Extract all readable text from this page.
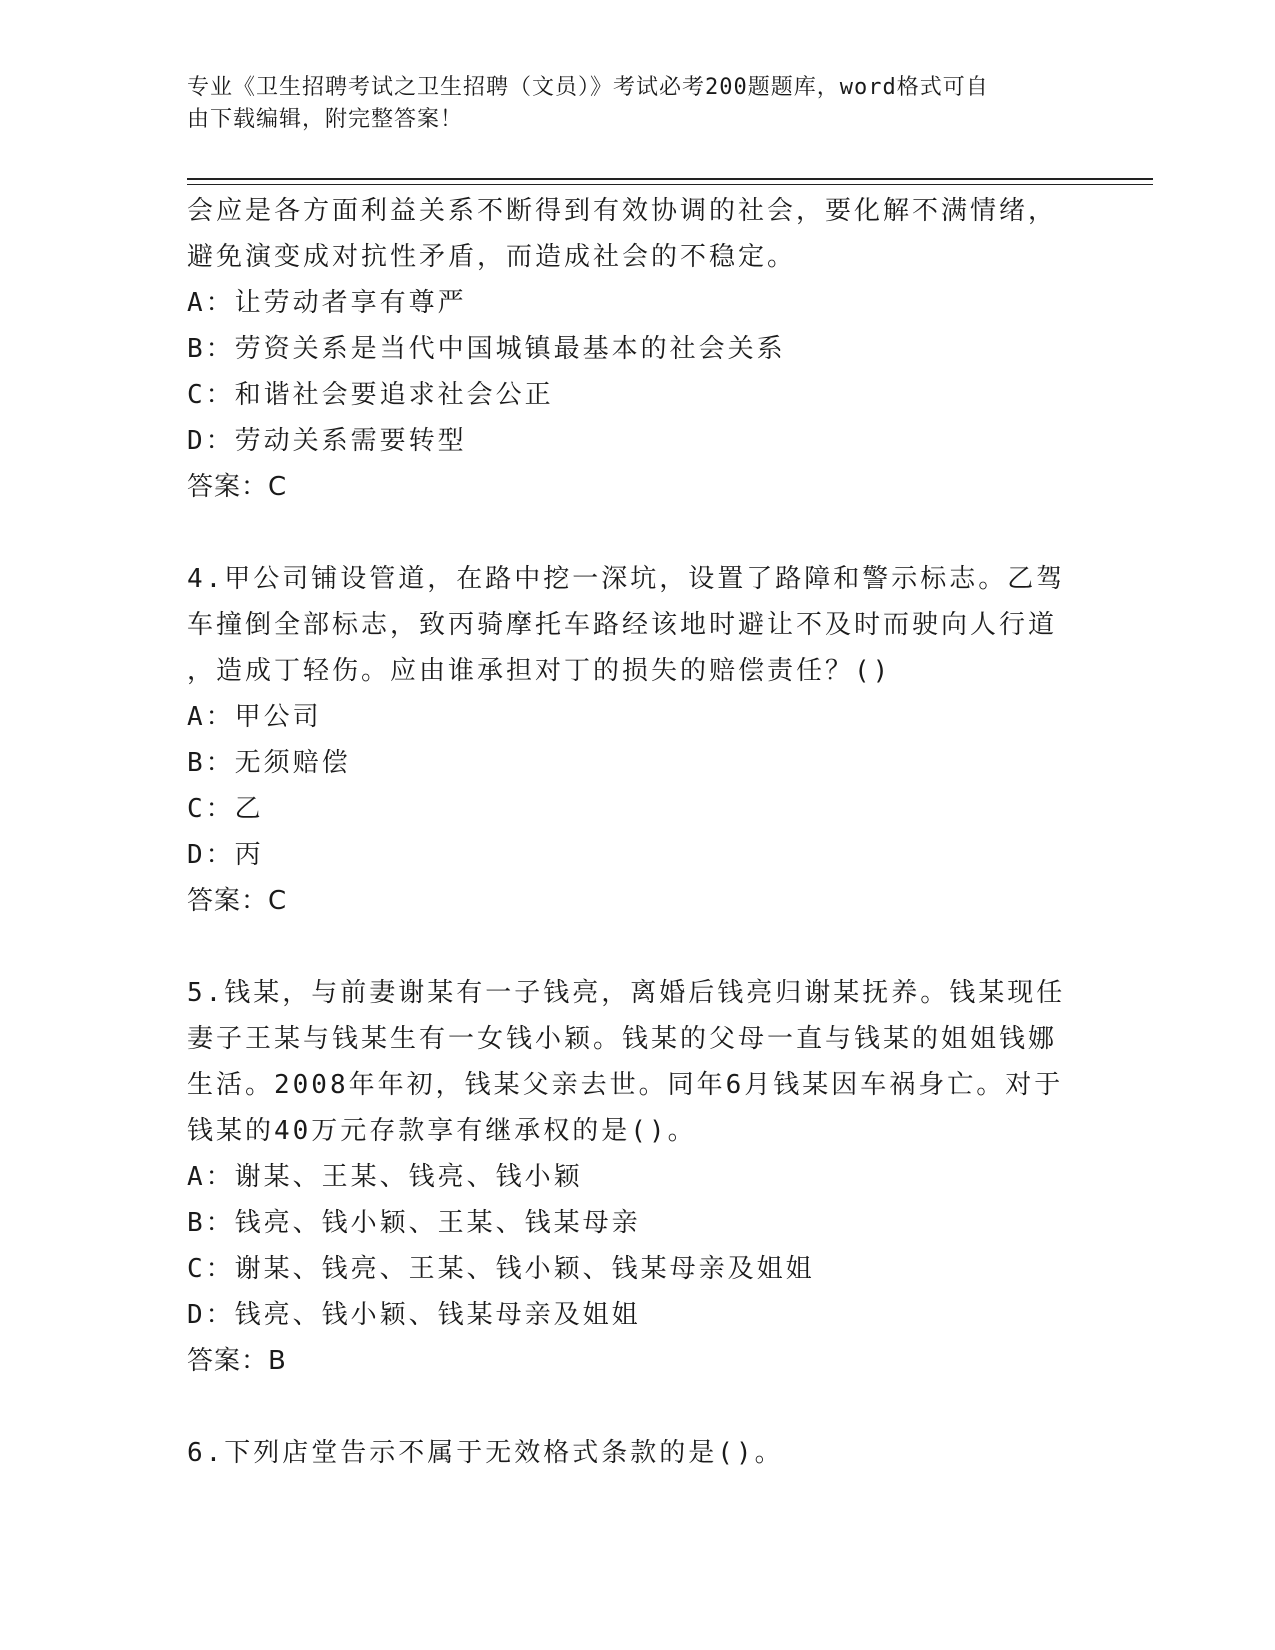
专业《卫生招聘考试之卫生招聘（文员）》考试必考200题题库，word格式可自
由下载编辑，附完整答案！
会应是各方面利益关系不断得到有效协调的社会，要化解不满情绪，
避免演变成对抗性矛盾，而造成社会的不稳定。
A：让劳动者享有尊严
B：劳资关系是当代中国城镇最基本的社会关系
C：和谐社会要追求社会公正
D：劳动关系需要转型
答案：C
4.甲公司铺设管道，在路中挖一深坑，设置了路障和警示标志。乙驾
车撞倒全部标志，致丙骑摩托车路经该地时避让不及时而驶向人行道
，造成丁轻伤。应由谁承担对丁的损失的赔偿责任？()
A：甲公司
B：无须赔偿
C：乙
D：丙
答案：C
5.钱某，与前妻谢某有一子钱亮，离婚后钱亮归谢某抚养。钱某现任
妻子王某与钱某生有一女钱小颖。钱某的父母一直与钱某的姐姐钱娜
生活。2008年年初，钱某父亲去世。同年6月钱某因车祸身亡。对于
钱某的40万元存款享有继承权的是()。
A：谢某、王某、钱亮、钱小颖
B：钱亮、钱小颖、王某、钱某母亲
C：谢某、钱亮、王某、钱小颖、钱某母亲及姐姐
D：钱亮、钱小颖、钱某母亲及姐姐
答案：B
6.下列店堂告示不属于无效格式条款的是()。
